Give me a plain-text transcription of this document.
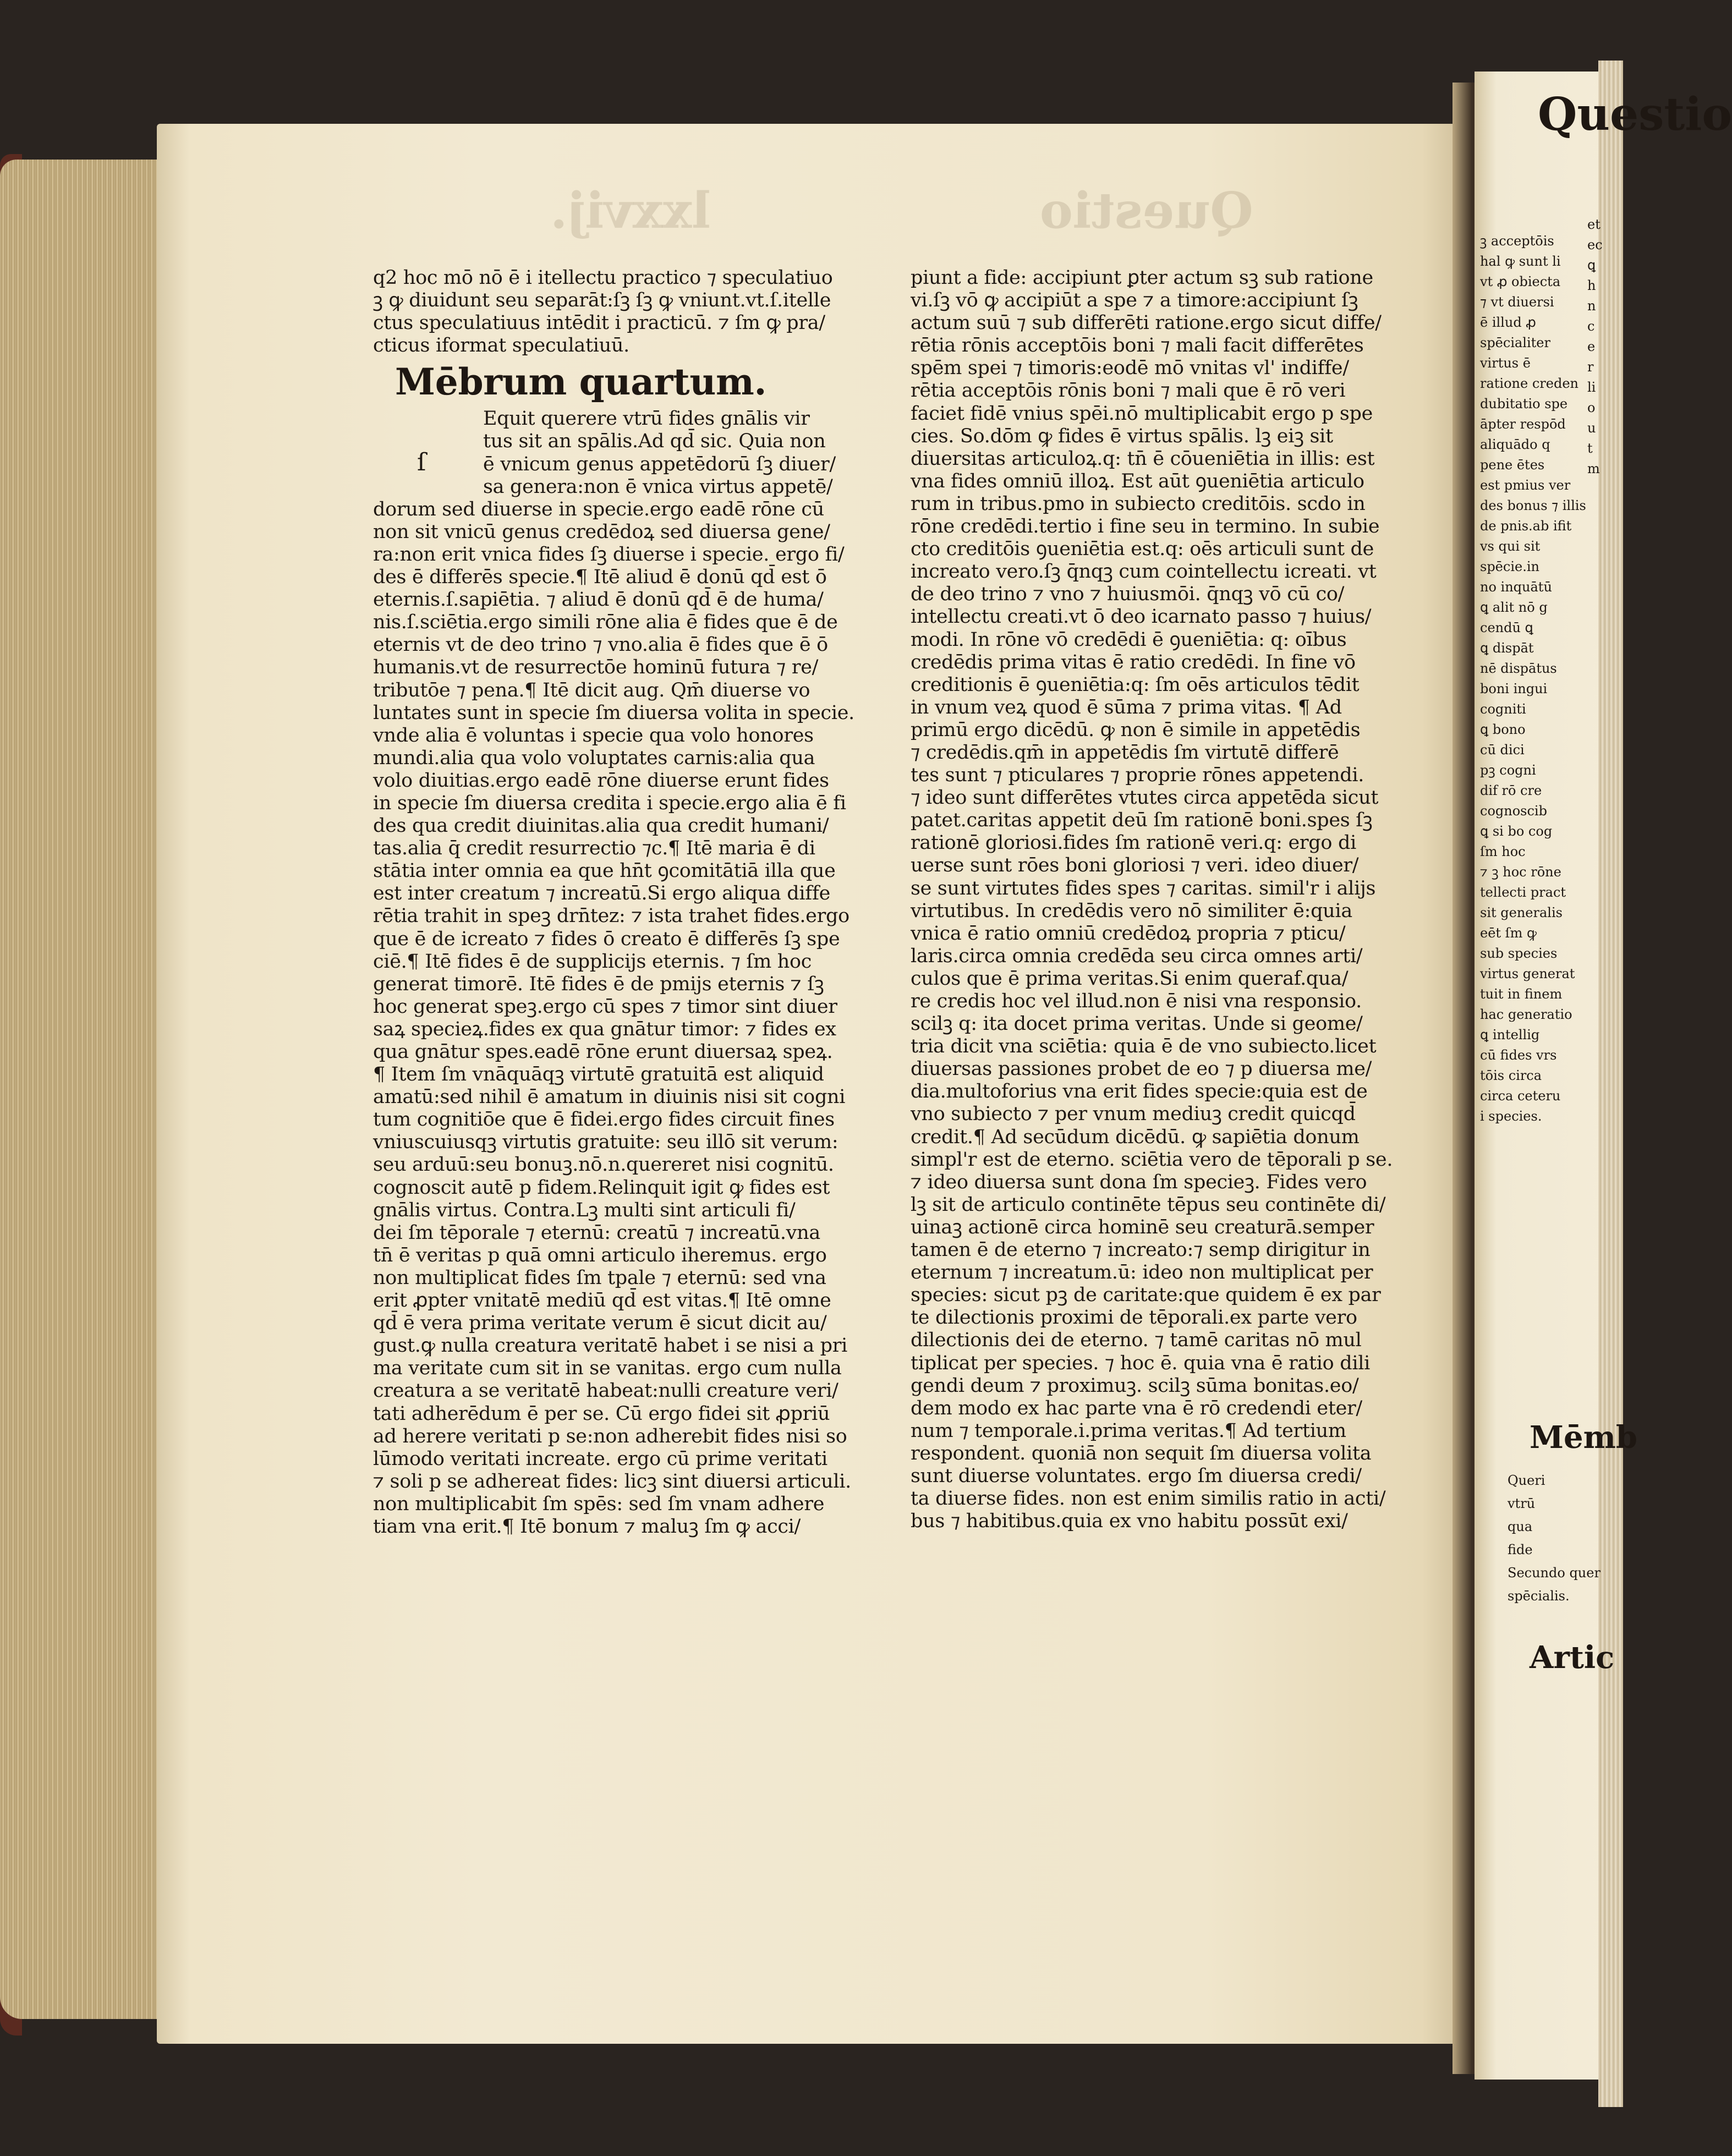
lxxvij.	Questio
q2 hoc mō nō ē i itellectu practico ⁊ speculatiuo
ꝫ ꝙ diuidunt seu separāt:ſꝫ ſꝫ ꝙ vniunt.vt.ſ.itelle
ctus speculatiuus intēdit i practicū. ⁊ ſm ꝙ pra/
cticus iformat speculatiuū.
Mēbrum quartum.
Equit querere vtrū fides gnālis vir
tus sit an spālis.Ad qd̄ sic. Quia non
ē vnicum genus appetēdorū ſꝫ diuer/
sa genera:non ē vnica virtus appetē/
dorum sed diuerse in specie.ergo eadē rōne cū
non sit vnicū genus credēdoꝝ sed diuersa gene/
ra:non erit vnica fides ſꝫ diuerse i specie. ergo fi/
des ē differēs specie.¶ Itē aliud ē donū qd̄ est ō
eternis.ſ.sapiētia. ⁊ aliud ē donū qd̄ ē de huma/
nis.ſ.sciētia.ergo simili rōne alia ē fides que ē de
eternis vt de deo trino ⁊ vno.alia ē fides que ē ō
humanis.vt de resurrectōe hominū futura ⁊ re/
tributōe ⁊ pena.¶ Itē dicit aug. Qm̄ diuerse vo
luntates sunt in specie ſm diuersa volita in specie.
vnde alia ē voluntas i specie qua volo honores
mundi.alia qua volo voluptates carnis:alia qua
volo diuitias.ergo eadē rōne diuerse erunt fides
in specie ſm diuersa credita i specie.ergo alia ē fi
des qua credit diuinitas.alia qua credit humani/
tas.alia q̄ credit resurrectio ⁊c.¶ Itē maria ē di
stātia inter omnia ea que hn̄t ꝯcomitātiā illa que
est inter creatum ⁊ increatū.Si ergo aliqua diffe
rētia trahit in speꝫ drn̄tez: ⁊ ista trahet fides.ergo
que ē de icreato ⁊ fides ō creato ē differēs ſꝫ spe
ciē.¶ Itē fides ē de supplicijs eternis. ⁊ ſm hoc
generat timorē. Itē fides ē de pmijs eternis ⁊ ſꝫ
hoc generat speꝫ.ergo cū spes ⁊ timor sint diuer
saꝝ specieꝝ.fides ex qua gnātur timor: ⁊ fides ex
qua gnātur spes.eadē rōne erunt diuersaꝝ speꝝ.
¶ Item ſm vnāquāqꝫ virtutē gratuitā est aliquid
amatū:sed nihil ē amatum in diuinis nisi sit cogni
tum cognitiōe que ē fidei.ergo fides circuit fines
vniuscuiusqꝫ virtutis gratuite: seu illō sit verum:
seu arduū:seu bonuꝫ.nō.n.quereret nisi cognitū.
cognoscit autē p fidem.Relinquit igit ꝙ fides est
gnālis virtus. Contra.Lꝫ multi sint articuli fi/
dei ſm tēporale ⁊ eternū: creatū ⁊ increatū.vna
tn̄ ē veritas p quā omni articulo iheremus. ergo
non multiplicat fides ſm tpale ⁊ eternū: sed vna
erit ꝓpter vnitatē mediū qd̄ est vitas.¶ Itē omne
qd̄ ē vera prima veritate verum ē sicut dicit au/
gust.ꝙ nulla creatura veritatē habet i se nisi a pri
ma veritate cum sit in se vanitas. ergo cum nulla
creatura a se veritatē habeat:nulli creature veri/
tati adherēdum ē per se. Cū ergo fidei sit ꝓpriū
ad herere veritati p se:non adherebit fides nisi so
lūmodo veritati increate. ergo cū prime veritati
⁊ soli p se adhereat fides: licꝫ sint diuersi articuli.
non multiplicabit ſm spēs: sed ſm vnam adhere
tiam vna erit.¶ Itē bonum ⁊ maluꝫ ſm ꝙ acci/
ſ
piunt a fide: accipiunt ꝑter actum sꝫ sub ratione
vi.ſꝫ vō ꝙ accipiūt a spe ⁊ a timore:accipiunt ſꝫ
actum suū ⁊ sub differēti ratione.ergo sicut diffe/
rētia rōnis acceptōis boni ⁊ mali facit differētes
spēm spei ⁊ timoris:eodē mō vnitas vl' indiffe/
rētia acceptōis rōnis boni ⁊ mali que ē rō veri
faciet fidē vnius spēi.nō multiplicabit ergo p spe
cies. So.dōm ꝙ fides ē virtus spālis. lꝫ eiꝫ sit
diuersitas articuloꝝ.q: tn̄ ē cōueniētia in illis: est
vna fides omniū illoꝝ. Est aūt ꝯueniētia articulo
rum in tribus.pmo in subiecto creditōis. scdo in
rōne credēdi.tertio i fine seu in termino. In subie
cto creditōis ꝯueniētia est.q: oēs articuli sunt de
increato vero.ſꝫ q̄nqꝫ cum cointellectu icreati. vt
de deo trino ⁊ vno ⁊ huiusmōi. q̄nqꝫ vō cū co/
intellectu creati.vt ō deo icarnato passo ⁊ huius/
modi. In rōne vō credēdi ē ꝯueniētia: q: oībus
credēdis prima vitas ē ratio credēdi. In fine vō
creditionis ē ꝯueniētia:q: ſm oēs articulos tēdit
in vnum veꝝ quod ē sūma ⁊ prima vitas. ¶ Ad
primū ergo dicēdū. ꝙ non ē simile in appetēdis
⁊ credēdis.qm̄ in appetēdis ſm virtutē differē
tes sunt ⁊ pticulares ⁊ proprie rōnes appetendi.
⁊ ideo sunt differētes vtutes circa appetēda sicut
patet.caritas appetit deū ſm rationē boni.spes ſꝫ
rationē gloriosi.fides ſm rationē veri.q: ergo di
uerse sunt rōes boni gloriosi ⁊ veri. ideo diuer/
se sunt virtutes fides spes ⁊ caritas. simil'r i alijs
virtutibus. In credēdis vero nō similiter ē:quia
vnica ē ratio omniū credēdoꝝ propria ⁊ pticu/
laris.circa omnia credēda seu circa omnes arti/
culos que ē prima veritas.Si enim queraf.qua/
re credis hoc vel illud.non ē nisi vna responsio.
scilꝫ q: ita docet prima veritas. Unde si geome/
tria dicit vna sciētia: quia ē de vno subiecto.licet
diuersas passiones probet de eo ⁊ p diuersa me/
dia.multoforius vna erit fides specie:quia est de
vno subiecto ⁊ per vnum mediuꝫ credit quicqd̄
credit.¶ Ad secūdum dicēdū. ꝙ sapiētia donum
simpl'r est de eterno. sciētia vero de tēporali p se.
⁊ ideo diuersa sunt dona ſm specieꝫ. Fides vero
lꝫ sit de articulo continēte tēpus seu continēte di/
uinaꝫ actionē circa hominē seu creaturā.semper
tamen ē de eterno ⁊ increato:⁊ semp dirigitur in
eternum ⁊ increatum.ū: ideo non multiplicat per
species: sicut pꝫ de caritate:que quidem ē ex par
te dilectionis proximi de tēporali.ex parte vero
dilectionis dei de eterno. ⁊ tamē caritas nō mul
tiplicat per species. ⁊ hoc ē. quia vna ē ratio dili
gendi deum ⁊ proximuꝫ. scilꝫ sūma bonitas.eo/
dem modo ex hac parte vna ē rō credendi eter/
num ⁊ temporale.i.prima veritas.¶ Ad tertium
respondent. quoniā non sequit ſm diuersa volita
sunt diuerse voluntates. ergo ſm diuersa credi/
ta diuerse fides. non est enim similis ratio in acti/
bus ⁊ habitibus.quia ex vno habitu possūt exi/
Questio
ꝫ acceptōis
hal ꝙ sunt li
vt ꝓ obiecta
⁊ vt diuersi
ē illud ꝓ
spēcialiter
virtus ē
ratione creden
dubitatio spe
āpter respōd
aliquādo q
pene ētes
est pmius ver
des bonus ⁊ illis
de pnis.ab ifit
vs qui sit
spēcie.in
no inquātū
ꝗ alit nō g
cendū ꝗ
ꝗ dispāt
nē dispātus
boni ingui
cogniti
ꝗ bono
cū dici
pꝫ cogni
dif rō cre
cognoscib
ꝗ si bo cog
ſm hoc
⁊ ꝫ hoc rōne
tellecti pract
sit generalis
eēt ſm ꝙ
sub species
virtus generat
tuit in finem
hac generatio
ꝗ intellig
cū fides vrs
tōis circa
circa ceteru
i species.
et
ec
ꝗ
h
n
c
e
r
li
o
u
t
m
Mēmb
Queri
vtrū
qua
fide
Secundo quer
spēcialis.
Artic
